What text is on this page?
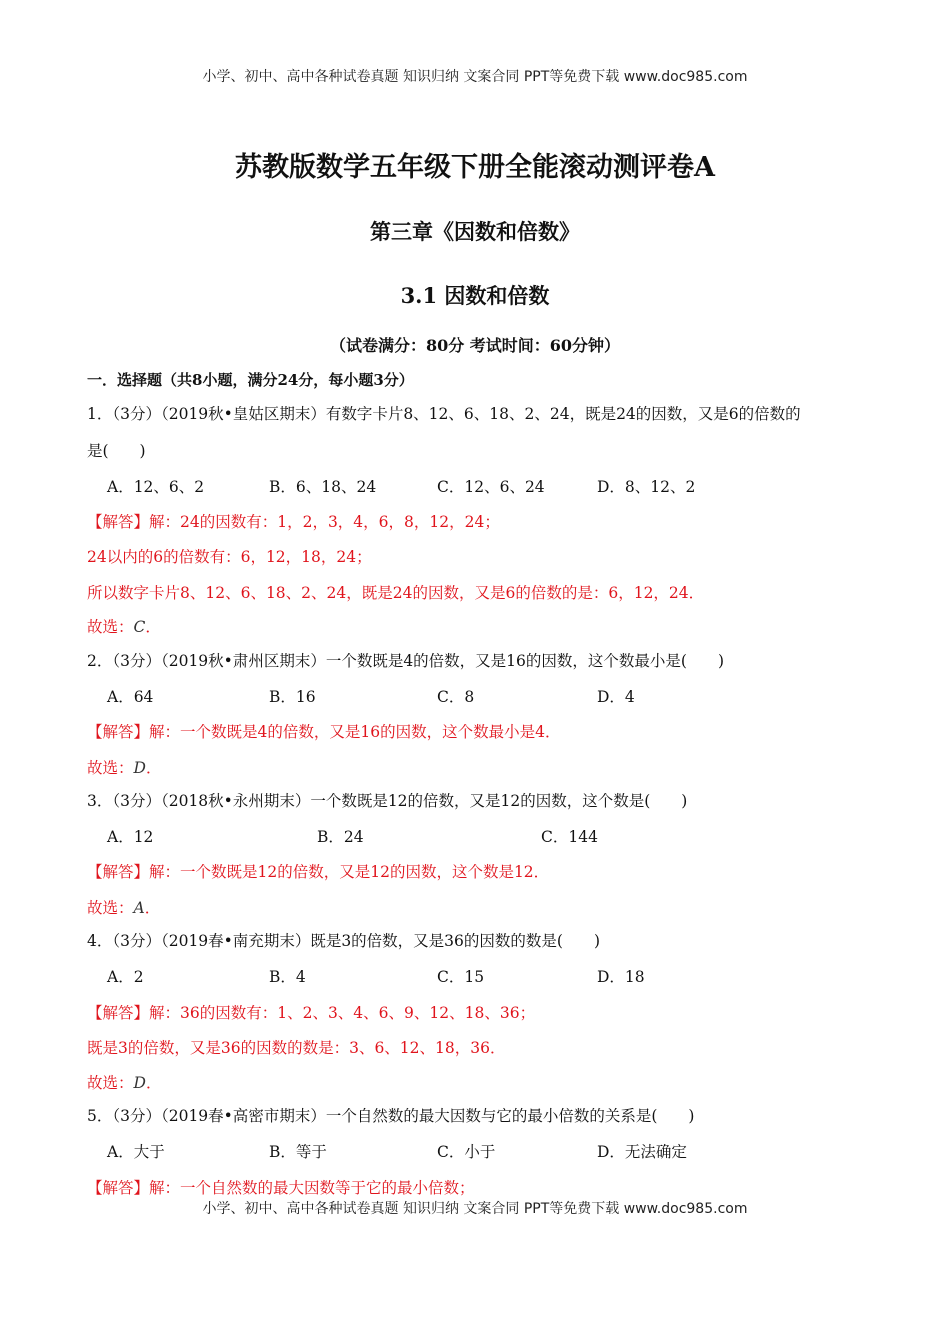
小学、初中、高中各种试卷真题 知识归纳 文案合同 PPT等免费下载 www.doc985.com
苏教版数学五年级下册全能滚动测评卷A
第三章《因数和倍数》
3.1 因数和倍数
（试卷满分：80分 考试时间：60分钟）
一．选择题（共8小题，满分24分，每小题3分）
1．（3分）（2019秋•皇姑区期末）有数字卡片8、12、6、18、2、24，既是24的因数，又是6的倍数的
是(　　)
A．12、6、2	B．6、18、24	C．12、6、24	D．8、12、2
【解答】解：24的因数有：1，2，3，4，6，8，12，24；
24以内的6的倍数有：6，12，18，24；
所以数字卡片8、12、6、18、2、24，既是24的因数，又是6的倍数的是：6，12，24．
故选：C．
2．（3分）（2019秋•肃州区期末）一个数既是4的倍数，又是16的因数，这个数最小是(　　)
A．64	B．16	C．8	D．4
【解答】解：一个数既是4的倍数，又是16的因数，这个数最小是4．
故选：D．
3．（3分）（2018秋•永州期末）一个数既是12的倍数，又是12的因数，这个数是(　　)
A．12	B．24	C．144
【解答】解：一个数既是12的倍数，又是12的因数，这个数是12．
故选：A．
4．（3分）（2019春•南充期末）既是3的倍数，又是36的因数的数是(　　)
A．2	B．4	C．15	D．18
【解答】解：36的因数有：1、2、3、4、6、9、12、18、36；
既是3的倍数，又是36的因数的数是：3、6、12、18，36．
故选：D．
5．（3分）（2019春•高密市期末）一个自然数的最大因数与它的最小倍数的关系是(　　)
A．大于	B．等于	C．小于	D．无法确定
【解答】解：一个自然数的最大因数等于它的最小倍数；
小学、初中、高中各种试卷真题 知识归纳 文案合同 PPT等免费下载 www.doc985.com
